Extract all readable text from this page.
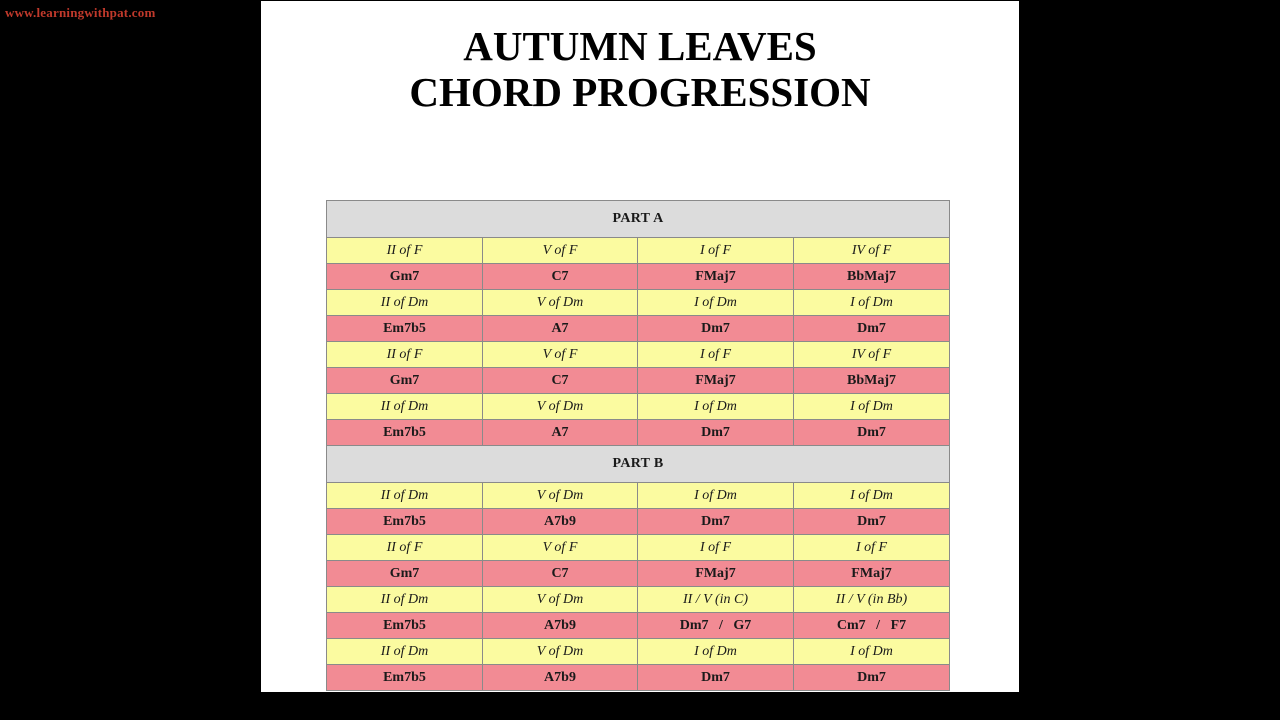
www.learningwithpat.com
AUTUMN LEAVES
CHORD PROGRESSION
PART A			
II of F	V of F	I of F	IV of F
Gm7	C7	FMaj7	BbMaj7
II of Dm	V of Dm	I of Dm	I of Dm
Em7b5	A7	Dm7	Dm7
II of F	V of F	I of F	IV of F
Gm7	C7	FMaj7	BbMaj7
II of Dm	V of Dm	I of Dm	I of Dm
Em7b5	A7	Dm7	Dm7
PART B			
II of Dm	V of Dm	I of Dm	I of Dm
Em7b5	A7b9	Dm7	Dm7
II of F	V of F	I of F	I of F
Gm7	C7	FMaj7	FMaj7
II of Dm	V of Dm	II / V (in C)	II / V (in Bb)
Em7b5	A7b9	Dm7   /   G7	Cm7   /   F7
II of Dm	V of Dm	I of Dm	I of Dm
Em7b5	A7b9	Dm7	Dm7
